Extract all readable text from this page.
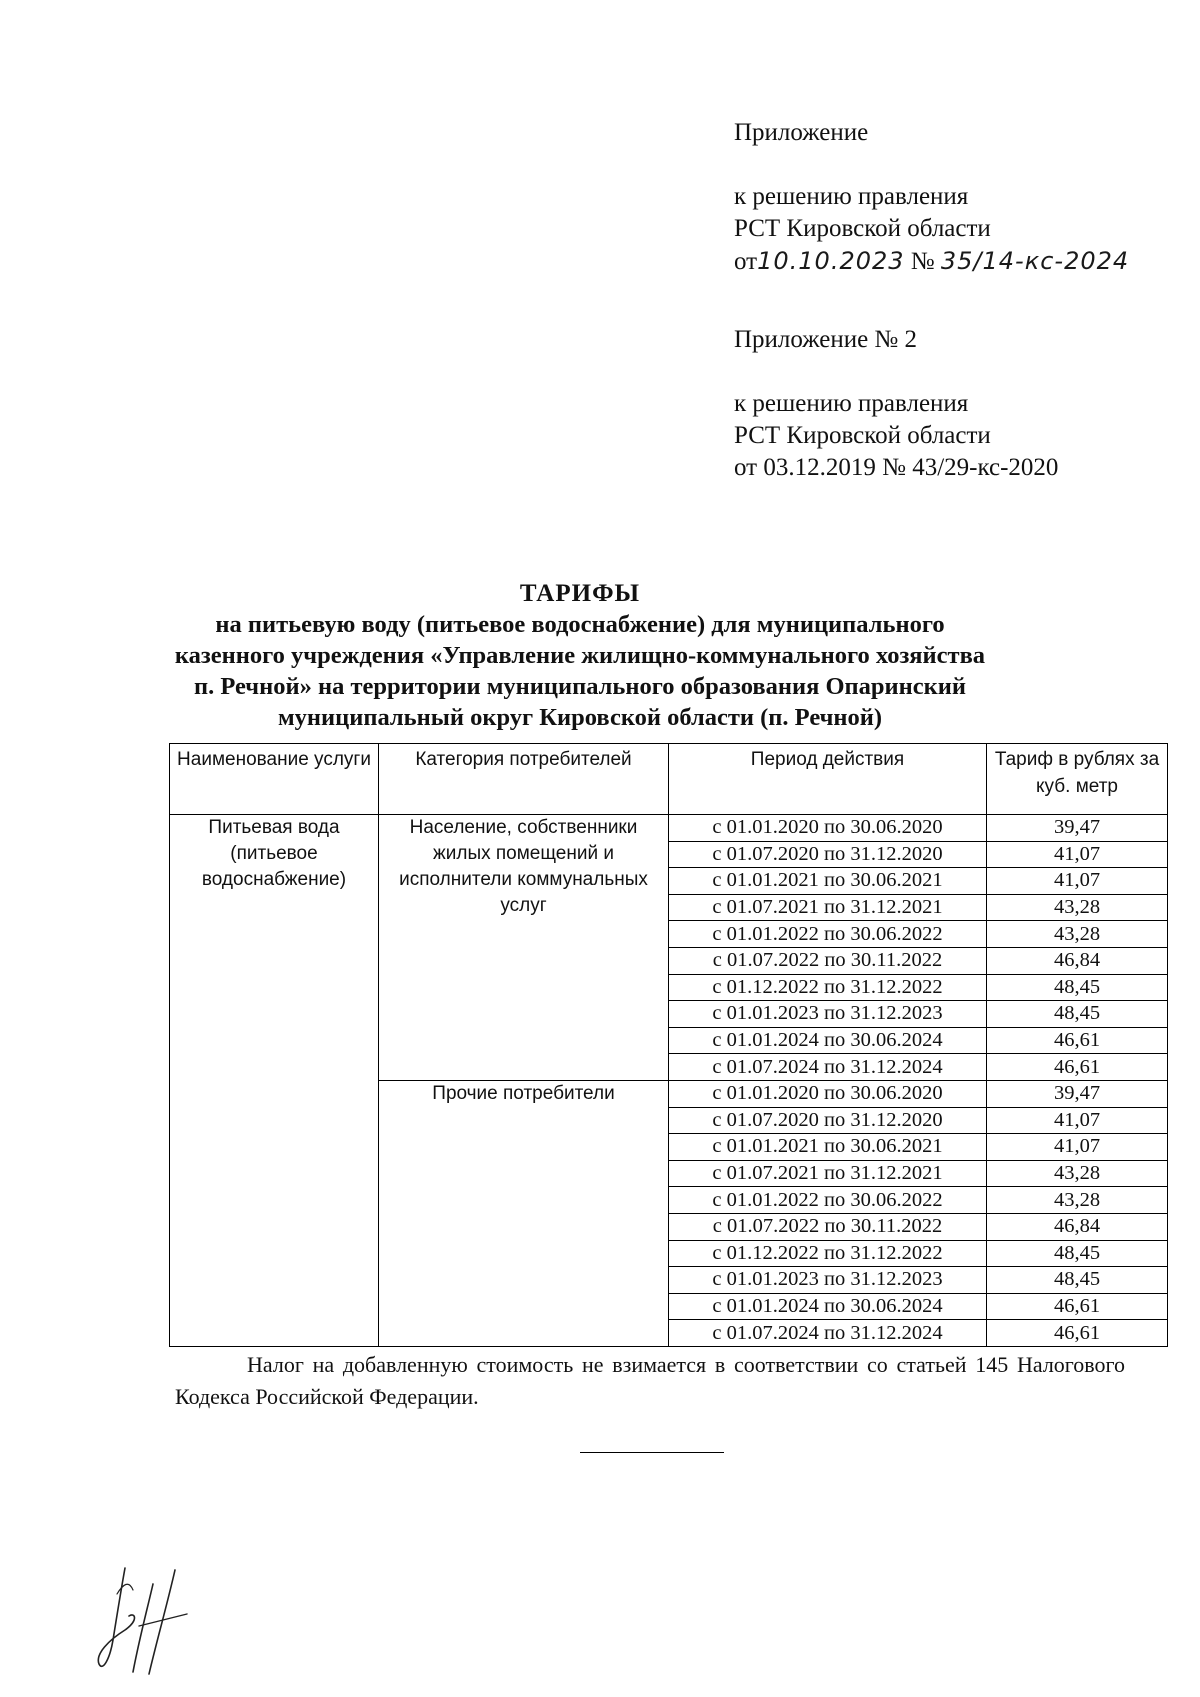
Приложение

к решению правления

РСТ Кировской области

от10.10.2023 № 35/14-кс-2024

Приложение № 2

к решению правления

РСТ Кировской области

от 03.12.2019 № 43/29-кс-2020

ТАРИФЫ

на питьевую воду (питьевое водоснабжение) для муниципального

казенного учреждения «Управление жилищно-коммунального хозяйства

п. Речной» на территории муниципального образования Опаринский

муниципальный округ Кировской области (п. Речной)

Наименование услуги	Категория потребителей	Период действия	Тариф в рублях за куб. метр
Питьевая вода (питьевое водоснабжение)	Население, собственники жилых помещений и исполнители коммунальных услуг	с 01.01.2020 по 30.06.2020	39,47
		с 01.07.2020 по 31.12.2020	41,07
		с 01.01.2021 по 30.06.2021	41,07
		с 01.07.2021 по 31.12.2021	43,28
		с 01.01.2022 по 30.06.2022	43,28
		с 01.07.2022 по 30.11.2022	46,84
		с 01.12.2022 по 31.12.2022	48,45
		с 01.01.2023 по 31.12.2023	48,45
		с 01.01.2024 по 30.06.2024	46,61
		с 01.07.2024 по 31.12.2024	46,61
	Прочие потребители	с 01.01.2020 по 30.06.2020	39,47
		с 01.07.2020 по 31.12.2020	41,07
		с 01.01.2021 по 30.06.2021	41,07
		с 01.07.2021 по 31.12.2021	43,28
		с 01.01.2022 по 30.06.2022	43,28
		с 01.07.2022 по 30.11.2022	46,84
		с 01.12.2022 по 31.12.2022	48,45
		с 01.01.2023 по 31.12.2023	48,45
		с 01.01.2024 по 30.06.2024	46,61
		с 01.07.2024 по 31.12.2024	46,61

Налог на добавленную стоимость не взимается в соответствии со статьей 145 Налогового Кодекса Российской Федерации.
